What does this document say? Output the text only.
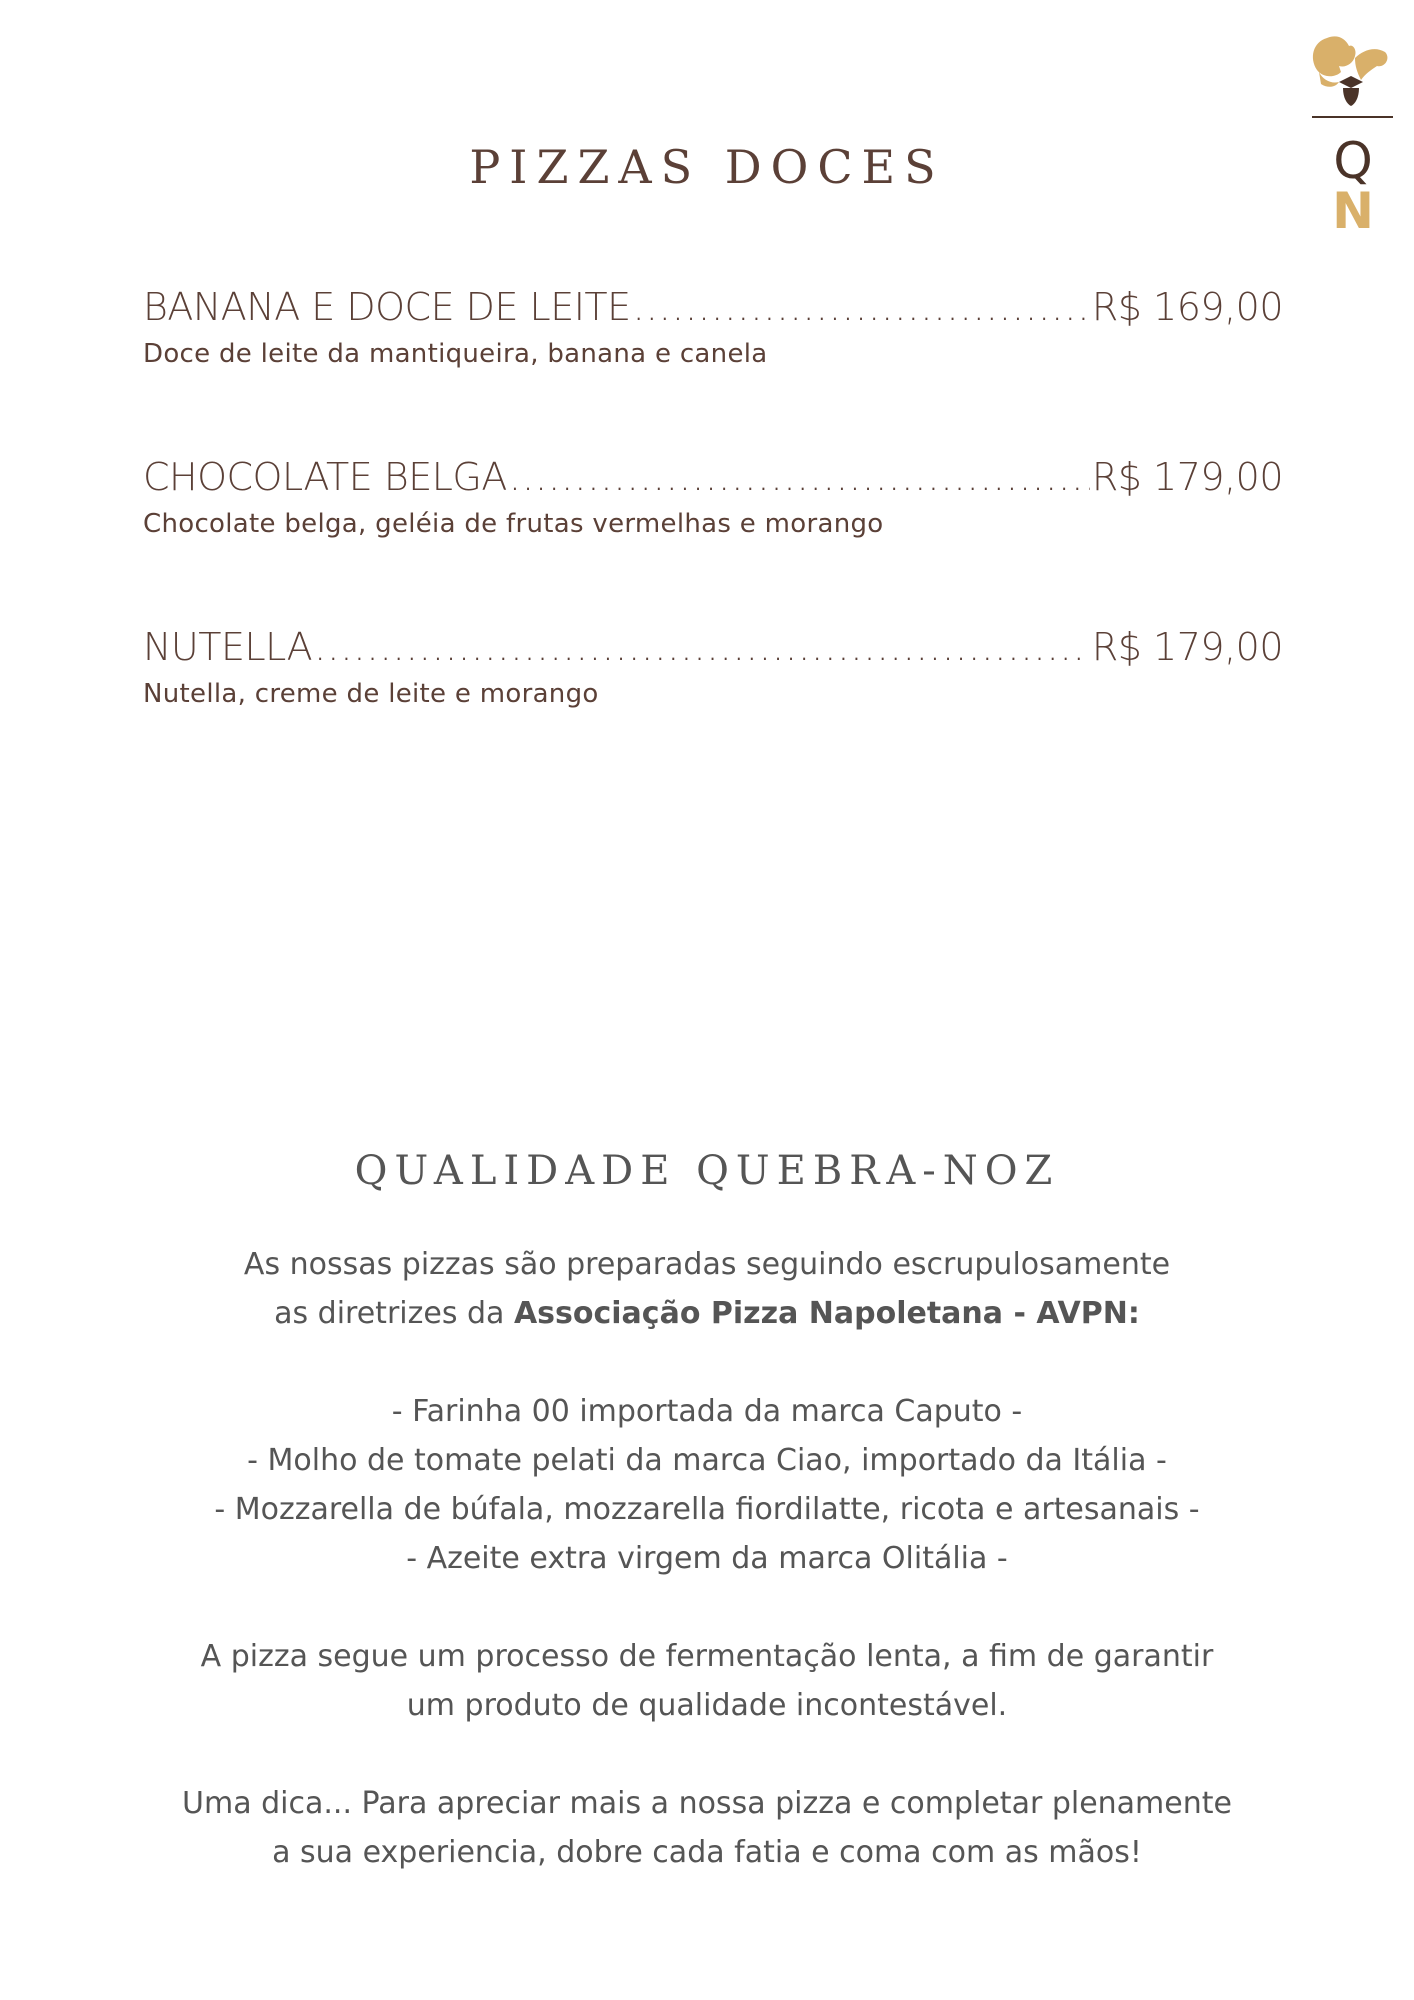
Q
N
PIZZAS DOCES
BANANA E DOCE DE LEITE .....	R$ 169,00
Doce de leite da mantiqueira, banana e canela
CHOCOLATE BELGA .....	R$ 179,00
Chocolate belga, geléia de frutas vermelhas e morango
NUTELLA .....	R$ 179,00
Nutella, creme de leite e morango
QUALIDADE QUEBRA-NOZ

As nossas pizzas são preparadas seguindo escrupulosamente

as diretrizes da Associação Pizza Napoletana - AVPN:

- Farinha 00 importada da marca Caputo -

- Molho de tomate pelati da marca Ciao, importado da Itália -

- Mozzarella de búfala, mozzarella fiordilatte, ricota e artesanais -

- Azeite extra virgem da marca Olitália -

A pizza segue um processo de fermentação lenta, a fim de garantir

um produto de qualidade incontestável.

Uma dica... Para apreciar mais a nossa pizza e completar plenamente

a sua experiencia, dobre cada fatia e coma com as mãos!
